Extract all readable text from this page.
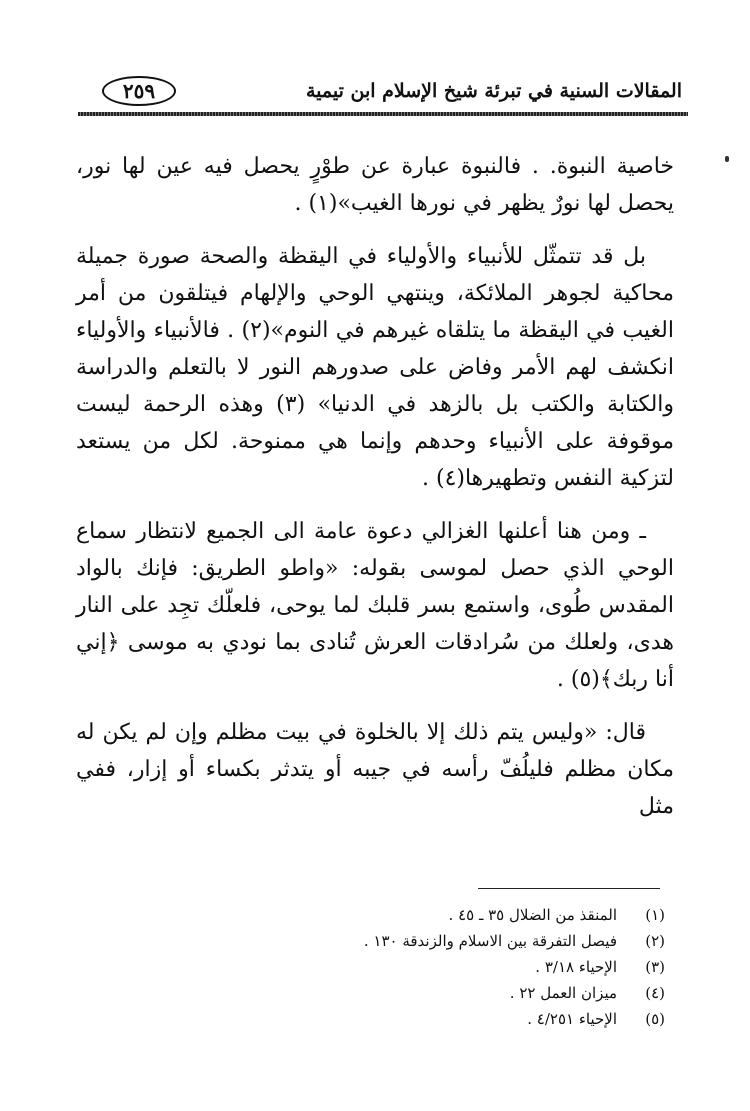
٢٥٩	المقالات السنية في تبرئة شيخ الإسلام ابن تيمية

خاصية النبوة. . فالنبوة عبارة عن طوْرٍ يحصل فيه عين لها نور، يحصل لها نورٌ يظهر في نورها الغيب»(١) .

بل قد تتمثّل للأنبياء والأولياء في اليقظة والصحة صورة جميلة محاكية لجوهر الملائكة، وينتهي الوحي والإلهام فيتلقون من أمر الغيب في اليقظة ما يتلقاه غيرهم في النوم»(٢) . فالأنبياء والأولياء انكشف لهم الأمر وفاض على صدورهم النور لا بالتعلم والدراسة والكتابة والكتب بل بالزهد في الدنيا» (٣) وهذه الرحمة ليست موقوفة على الأنبياء وحدهم وإنما هي ممنوحة. لكل من يستعد لتزكية النفس وتطهيرها(٤) .

ـ ومن هنا أعلنها الغزالي دعوة عامة الى الجميع لانتظار سماع الوحي الذي حصل لموسى بقوله: «واطو الطريق: فإنك بالواد المقدس طُوى، واستمع بسر قلبك لما يوحى، فلعلّك تجِد على النار هدى، ولعلك من سُرادقات العرش تُنادى بما نودي به موسى ﴿إني أنا ربك﴾(٥) .

قال: «وليس يتم ذلك إلا بالخلوة في بيت مظلم وإن لم يكن له مكان مظلم فليلُفّ رأسه في جيبه أو يتدثر بكساء أو إزار، ففي مثل

(١)
المنقذ من الضلال ٣٥ ـ ٤٥ .
(٢)
فيصل التفرقة بين الاسلام والزندقة ١٣٠ .
(٣)
الإحياء ٣/١٨ .
(٤)
ميزان العمل ٢٢ .
(٥)
الإحياء ٤/٢٥١ .
